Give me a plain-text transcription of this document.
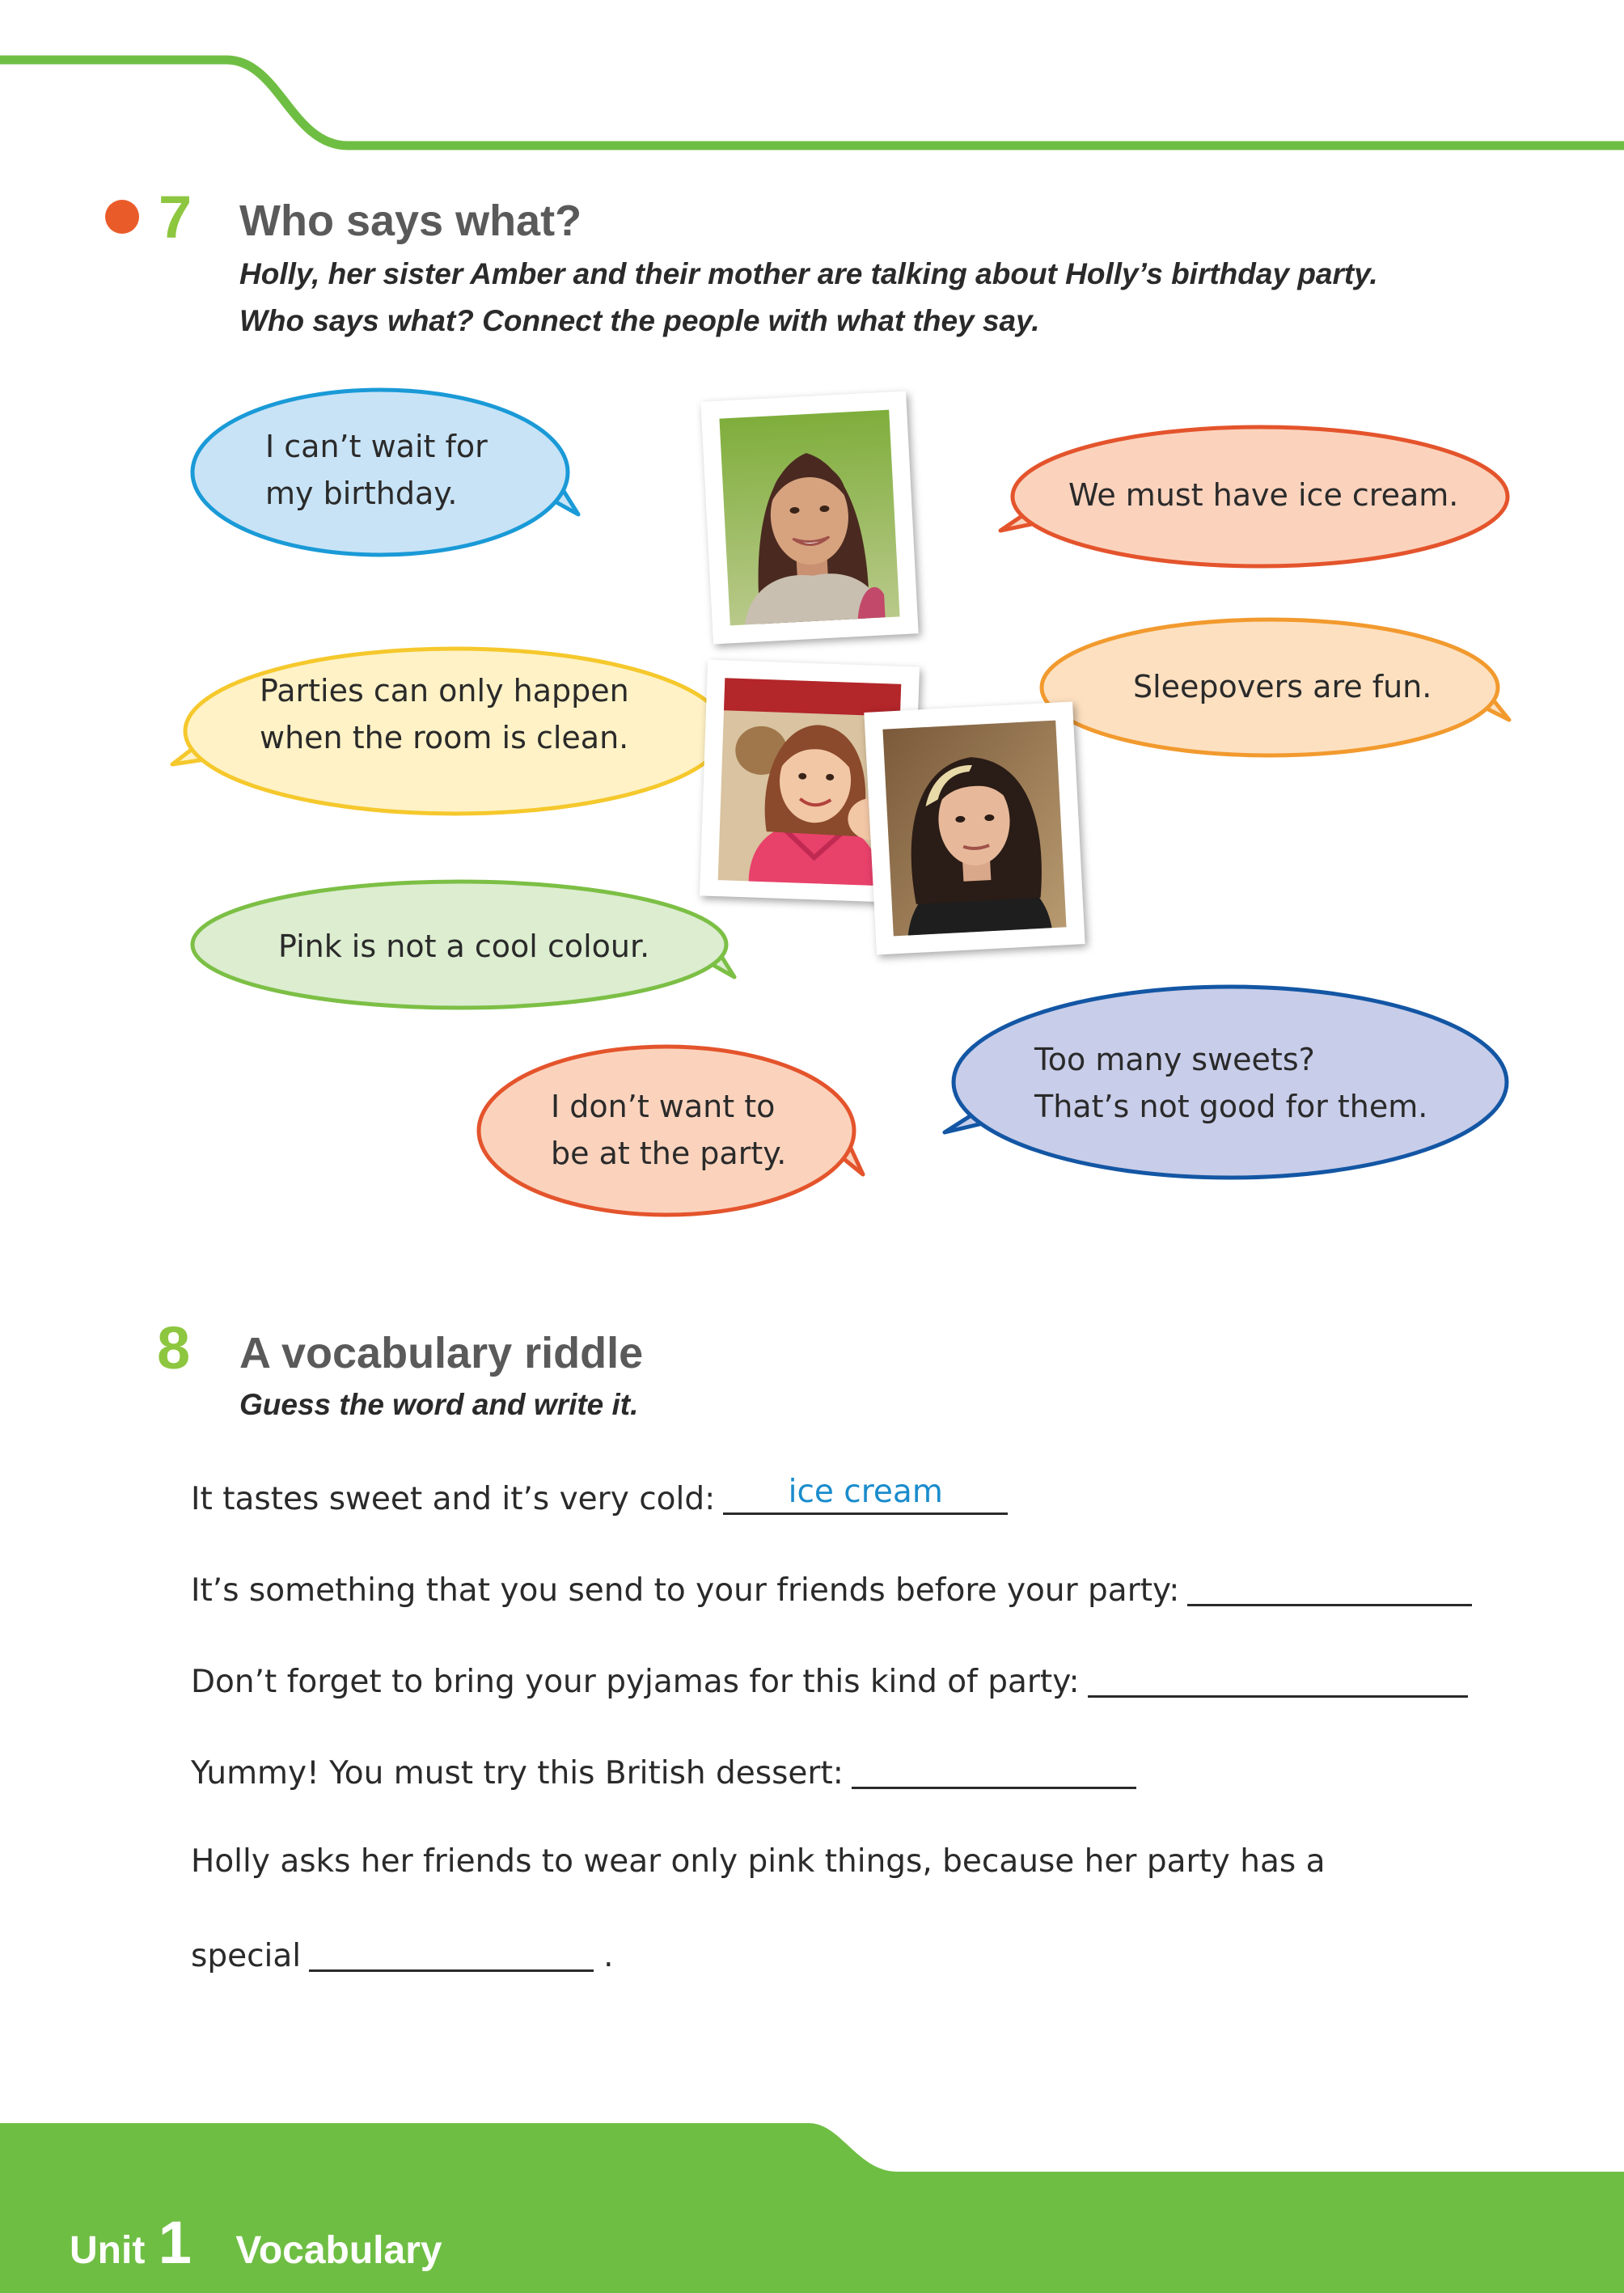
7 Who says what?
Holly, her sister Amber and their mother are talking about Holly’s birthday party.
Who says what? Connect the people with what they say.
I can’t wait for
my birthday.	We must have ice cream.
Parties can only happen
when the room is clean.
Sleepovers are fun.
Pink is not a cool colour.
Too many sweets?
That’s not good for them.
I don’t want to
be at the party.
8 A vocabulary riddle
Guess the word and write it.
It tastes sweet and it’s very cold:	ice cream
It’s something that you send to your friends before your party:
Don’t forget to bring your pyjamas for this kind of party:
Yummy! You must try this British dessert:
Holly asks her friends to wear only pink things, because her party has a
special	.
Unit 1 Vocabulary
